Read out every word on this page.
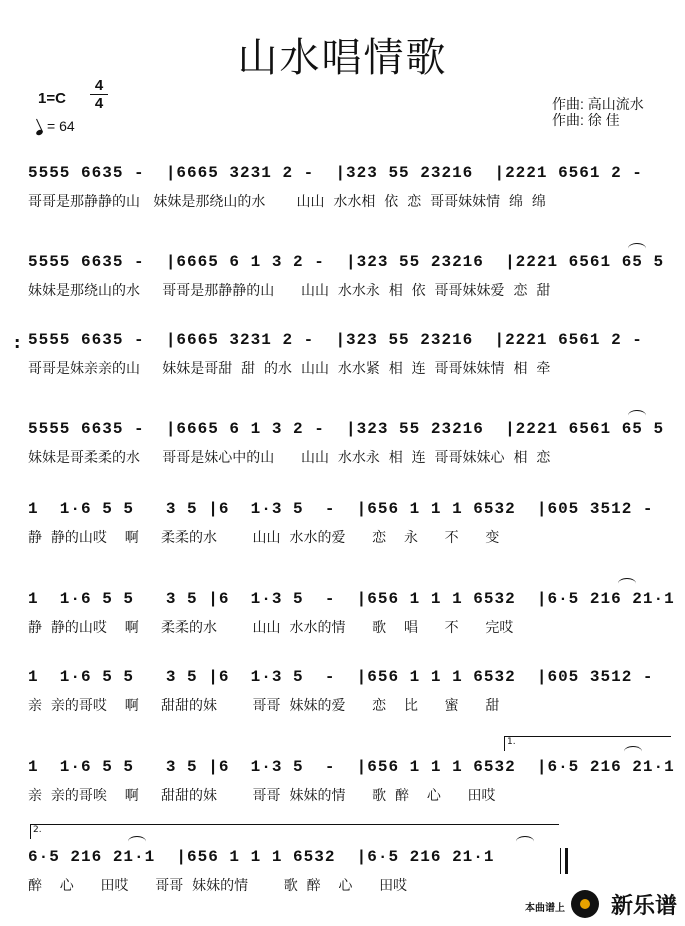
山水唱情歌
1=C
4
4
= 64
作曲: 高山流水
作曲: 徐 佳
5555 6635 -  |6665 3231 2 -  |323 55 23216  |2221 6561 2 -
哥哥是那静静的山   妹妹是那绕山的水       山山  水水相  依  恋  哥哥妹妹情  绵  绵
5555 6635 -  |6665 6 1 3 2 -  |323 55 23216  |2221 6561 65 5
妹妹是那绕山的水     哥哥是那静静的山      山山  水水永  相  依  哥哥妹妹爱  恋  甜
: 5555 6635 -  |6665 3231 2 -  |323 55 23216  |2221 6561 2 -
哥哥是妹亲亲的山     妹妹是哥甜  甜  的水  山山  水水紧  相  连  哥哥妹妹情  相  牵
5555 6635 -  |6665 6 1 3 2 -  |323 55 23216  |2221 6561 65 5
妹妹是哥柔柔的水     哥哥是妹心中的山      山山  水水永  相  连  哥哥妹妹心  相  恋
1  1·6 5 5   3 5 |6  1·3 5  -  |656 1 1 1 6532  |605 3512 -
静  静的山哎    啊     柔柔的水        山山  水水的爱      恋    永      不      变
1  1·6 5 5   3 5 |6  1·3 5  -  |656 1 1 1 6532  |6·5 216 21·1
静  静的山哎    啊     柔柔的水        山山  水水的情      歌    唱      不      完哎
1  1·6 5 5   3 5 |6  1·3 5  -  |656 1 1 1 6532  |605 3512 -
亲  亲的哥哎    啊     甜甜的妹        哥哥  妹妹的爱      恋    比      蜜      甜
1.
1  1·6 5 5   3 5 |6  1·3 5  -  |656 1 1 1 6532  |6·5 216 21·1
亲  亲的哥唉    啊     甜甜的妹        哥哥  妹妹的情      歌  醉    心      田哎
2.
6·5 216 21·1  |656 1 1 1 6532  |6·5 216 21·1
醉    心      田哎      哥哥  妹妹的情        歌  醉    心      田哎
本曲谱上 新乐谱
